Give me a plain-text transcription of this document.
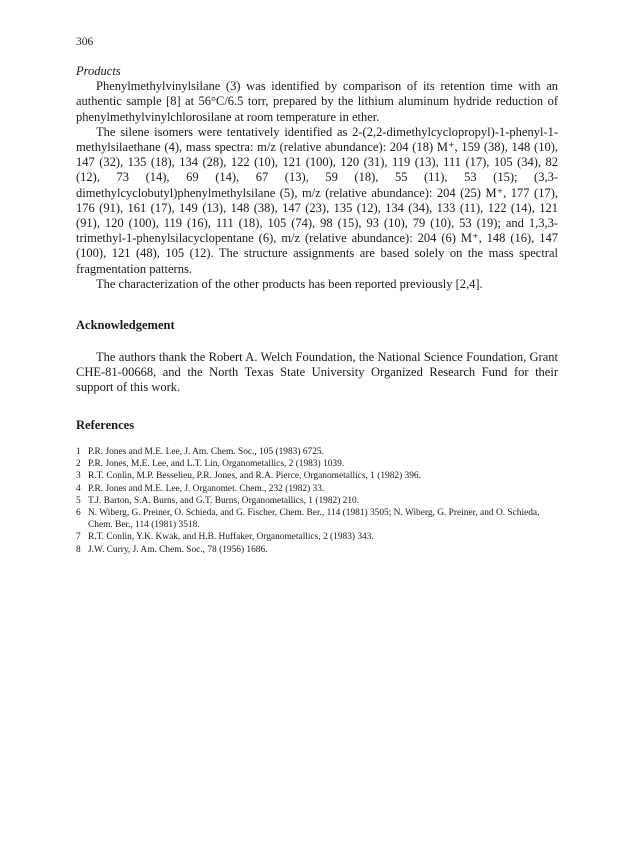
306

Products

Phenylmethylvinylsilane (3) was identified by comparison of its retention time with an authentic sample [8] at 56°C/6.5 torr, prepared by the lithium aluminum hydride reduction of phenylmethylvinylchlorosilane at room temperature in ether.

The silene isomers were tentatively identified as 2-(2,2-dimethylcyclopropyl)-1-phenyl-1-methylsilaethane (4), mass spectra: m/z (relative abundance): 204 (18) M⁺, 159 (38), 148 (10), 147 (32), 135 (18), 134 (28), 122 (10), 121 (100), 120 (31), 119 (13), 111 (17), 105 (34), 82 (12), 73 (14), 69 (14), 67 (13), 59 (18), 55 (11), 53 (15); (3,3-dimethylcyclobutyl)phenylmethylsilane (5), m/z (relative abundance): 204 (25) M⁺, 177 (17), 176 (91), 161 (17), 149 (13), 148 (38), 147 (23), 135 (12), 134 (34), 133 (11), 122 (14), 121 (91), 120 (100), 119 (16), 111 (18), 105 (74), 98 (15), 93 (10), 79 (10), 53 (19); and 1,3,3-trimethyl-1-phenylsilacyclopentane (6), m/z (relative abundance): 204 (6) M⁺, 148 (16), 147 (100), 121 (48), 105 (12). The structure assignments are based solely on the mass spectral fragmentation patterns.

The characterization of the other products has been reported previously [2,4].

Acknowledgement

The authors thank the Robert A. Welch Foundation, the National Science Foundation, Grant CHE-81-00668, and the North Texas State University Organized Research Fund for their support of this work.

References
1 P.R. Jones and M.E. Lee, J. Am. Chem. Soc., 105 (1983) 6725.
2 P.R. Jones, M.E. Lee, and L.T. Lin, Organometallics, 2 (1983) 1039.
3 R.T. Conlin, M.P. Besselieu, P.R. Jones, and R.A. Pierce, Organometallics, 1 (1982) 396.
4 P.R. Jones and M.E. Lee, J. Organomet. Chem., 232 (1982) 33.
5 T.J. Barton, S.A. Burns, and G.T. Burns, Organometallics, 1 (1982) 210.
6 N. Wiberg, G. Preiner, O. Schieda, and G. Fischer, Chem. Ber., 114 (1981) 3505; N. Wiberg, G. Preiner, and O. Schieda, Chem. Ber., 114 (1981) 3518.
7 R.T. Conlin, Y.K. Kwak, and H.B. Huffaker, Organometallics, 2 (1983) 343.
8 J.W. Curry, J. Am. Chem. Soc., 78 (1956) 1686.
